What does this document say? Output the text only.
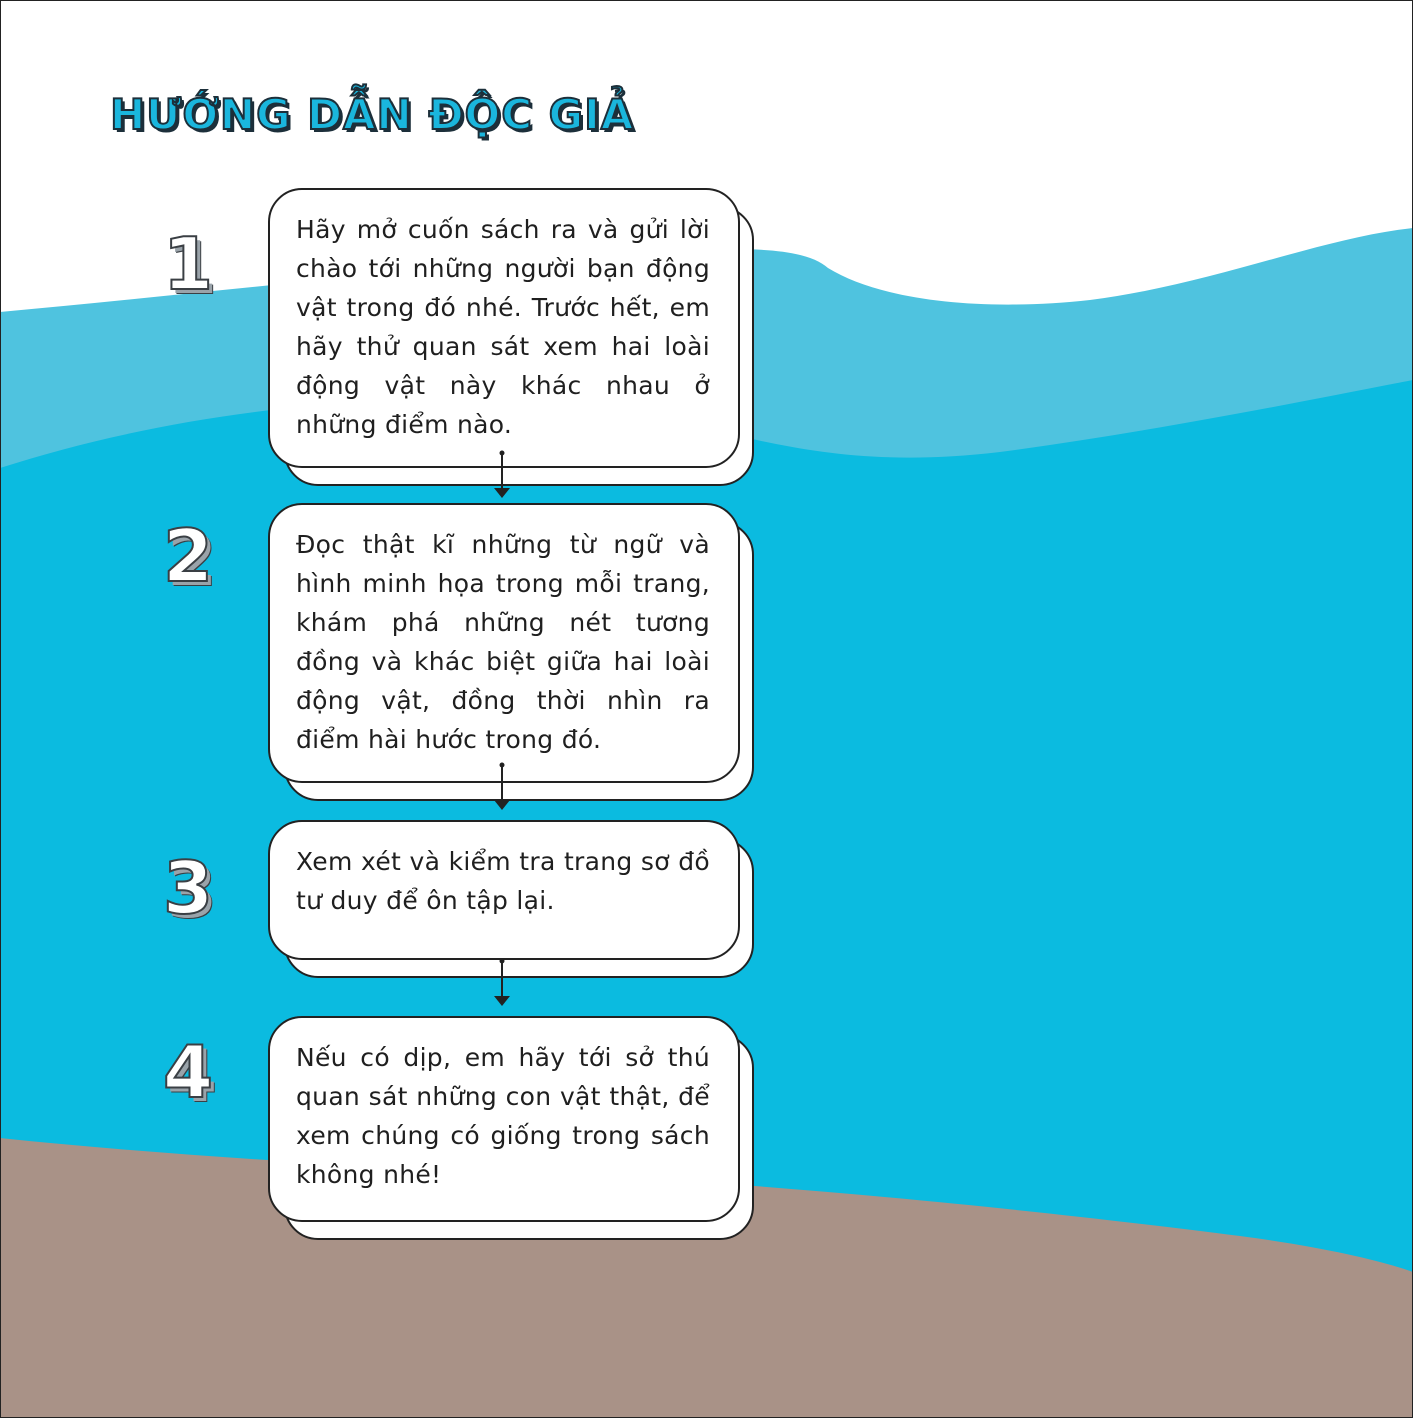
HƯỚNG DẪN ĐỘC GIẢ
1	Hãy mở cuốn sách ra và gửi lời chào tới những người bạn động vật trong đó nhé. Trước hết, em hãy thử quan sát xem hai loài động vật này khác nhau ở những điểm nào.

2	Đọc thật kĩ những từ ngữ và hình minh họa trong mỗi trang, khám phá những nét tương đồng và khác biệt giữa hai loài động vật, đồng thời nhìn ra điểm hài hước trong đó.

3	Xem xét và kiểm tra trang sơ đồ tư duy để ôn tập lại.

4	Nếu có dịp, em hãy tới sở thú quan sát những con vật thật, để xem chúng có giống trong sách không nhé!
